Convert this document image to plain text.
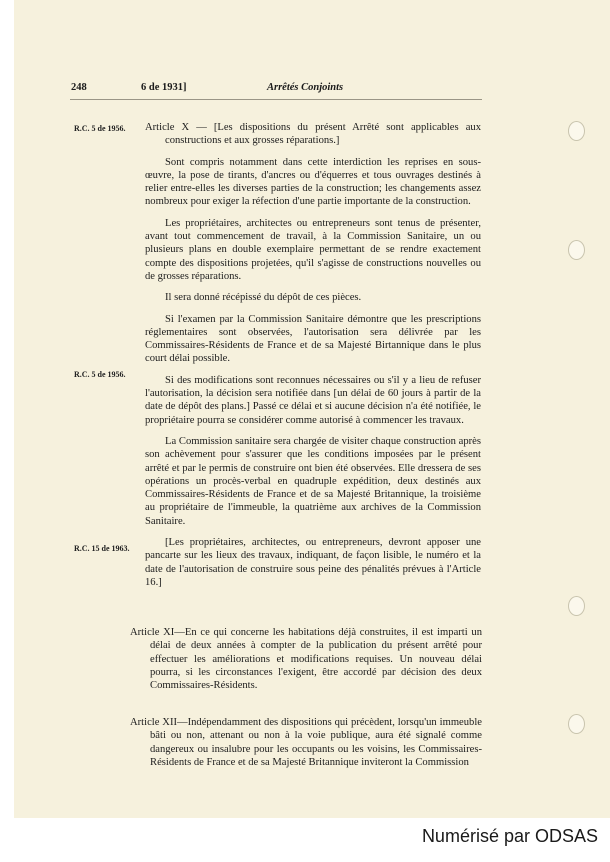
248	6 de 1931]	Arrêtés Conjoints
R.C. 5 de 1956.
R.C. 5 de 1956.
R.C. 15 de 1963.

Article X — [Les dispositions du présent Arrêté sont applicables aux constructions et aux grosses réparations.]

Sont compris notamment dans cette interdiction les reprises en sous-œuvre, la pose de tirants, d'ancres ou d'équerres et tous ouvrages destinés à relier entre-elles les diverses parties de la construction; les changements assez nombreux pour exiger la réfection d'une partie importante de la construction.

Les propriétaires, architectes ou entrepreneurs sont tenus de présenter, avant tout commencement de travail, à la Commission Sanitaire, un ou plusieurs plans en double exemplaire permettant de se rendre exactement compte des dispositions projetées, qu'il s'agisse de constructions nouvelles ou de grosses réparations.

Il sera donné récépissé du dépôt de ces pièces.

Si l'examen par la Commission Sanitaire démontre que les prescriptions réglementaires sont observées, l'autorisation sera délivrée par les Commissaires-Résidents de France et de sa Majesté Birtannique dans le plus court délai possible.

Si des modifications sont reconnues nécessaires ou s'il y a lieu de refuser l'autorisation, la décision sera notifiée dans [un délai de 60 jours à partir de la date de dépôt des plans.] Passé ce délai et si aucune décision n'a été notifiée, le propriétaire pourra se considérer comme autorisé à commencer les travaux.

La Commission sanitaire sera chargée de visiter chaque construction après son achèvement pour s'assurer que les conditions imposées par le présent arrêté et par le permis de construire ont bien été observées. Elle dressera de ses opérations un procès-verbal en quadruple expédition, deux destinés aux Commissaires-Résidents de France et de sa Majesté Britannique, la troisième au propriétaire de l'immeuble, la quatrième aux archives de la Commission Sanitaire.

[Les propriétaires, architectes, ou entrepreneurs, devront apposer une pancarte sur les lieux des travaux, indiquant, de façon lisible, le numéro et la date de l'autorisation de construire sous peine des pénalités prévues à l'Article 16.]

Article XI—En ce qui concerne les habitations déjà construites, il est imparti un délai de deux années à compter de la publication du présent arrêté pour effectuer les améliorations et modifications requises. Un nouveau délai pourra, si les circonstances l'exigent, être accordé par décision des deux Commissaires-Résidents.

Article XII—Indépendamment des dispositions qui précèdent, lorsqu'un immeuble bâti ou non, attenant ou non à la voie publique, aura été signalé comme dangereux ou insalubre pour les occupants ou les voisins, les Commissaires-Résidents de France et de sa Majesté Britannique inviteront la Commission

Numérisé par ODSAS
